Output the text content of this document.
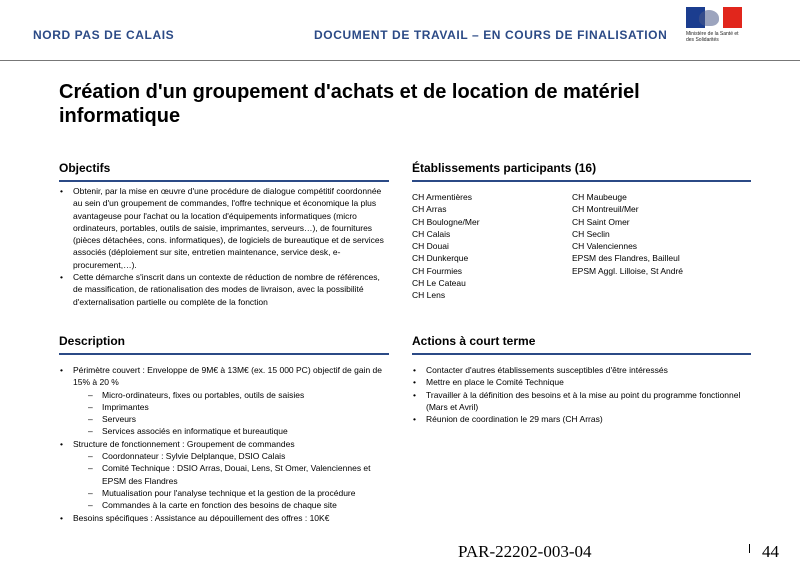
NORD PAS DE CALAIS	DOCUMENT DE TRAVAIL – EN COURS DE FINALISATION	Ministère de la Santé et des Solidarités
Création d'un groupement d'achats et de location de matériel informatique
Objectifs
• Obtenir, par la mise en œuvre d'une procédure de dialogue compétitif coordonnée au sein d'un groupement de commandes, l'offre technique et économique la plus avantageuse pour l'achat ou la location d'équipements informatiques (micro ordinateurs, portables, outils de saisie, imprimantes, serveurs…), de fournitures (pièces détachées, cons. informatiques), de logiciels de bureautique et de services associés (déploiement sur site, entretien maintenance, service desk, e-procurement,…).
• Cette démarche s'inscrit dans un contexte de réduction de nombre de références, de massification, de rationalisation des modes de livraison, avec la possibilité d'externalisation partielle ou complète de la fonction
Établissements participants (16)
CH Armentières
CH Arras
CH Boulogne/Mer
CH Calais
CH Douai
CH Dunkerque
CH Fourmies
CH Le Cateau
CH Lens
CH Maubeuge
CH Montreuil/Mer
CH Saint Omer
CH Seclin
CH Valenciennes
EPSM des Flandres, Bailleul
EPSM Aggl. Lilloise, St André
Description
• Périmètre couvert : Enveloppe de 9M€ à 13M€ (ex. 15 000 PC) objectif de gain de 15% à 20 %
– Micro-ordinateurs, fixes ou portables, outils de saisies
– Imprimantes
– Serveurs
– Services associés en informatique et bureautique
• Structure de fonctionnement : Groupement de commandes
– Coordonnateur : Sylvie Delplanque, DSIO Calais
– Comité Technique : DSIO Arras, Douai, Lens, St Omer, Valenciennes et EPSM des Flandres
– Mutualisation pour l'analyse technique et la gestion de la procédure
– Commandes à la carte en fonction des besoins de chaque site
• Besoins spécifiques : Assistance au dépouillement des offres : 10K€
Actions à court terme
• Contacter d'autres établissements susceptibles d'être intéressés
• Mettre en place le Comité Technique
• Travailler à la définition des besoins et à la mise au point du programme fonctionnel (Mars et Avril)
• Réunion de coordination le 29 mars (CH Arras)
PAR-22202-003-04	44
